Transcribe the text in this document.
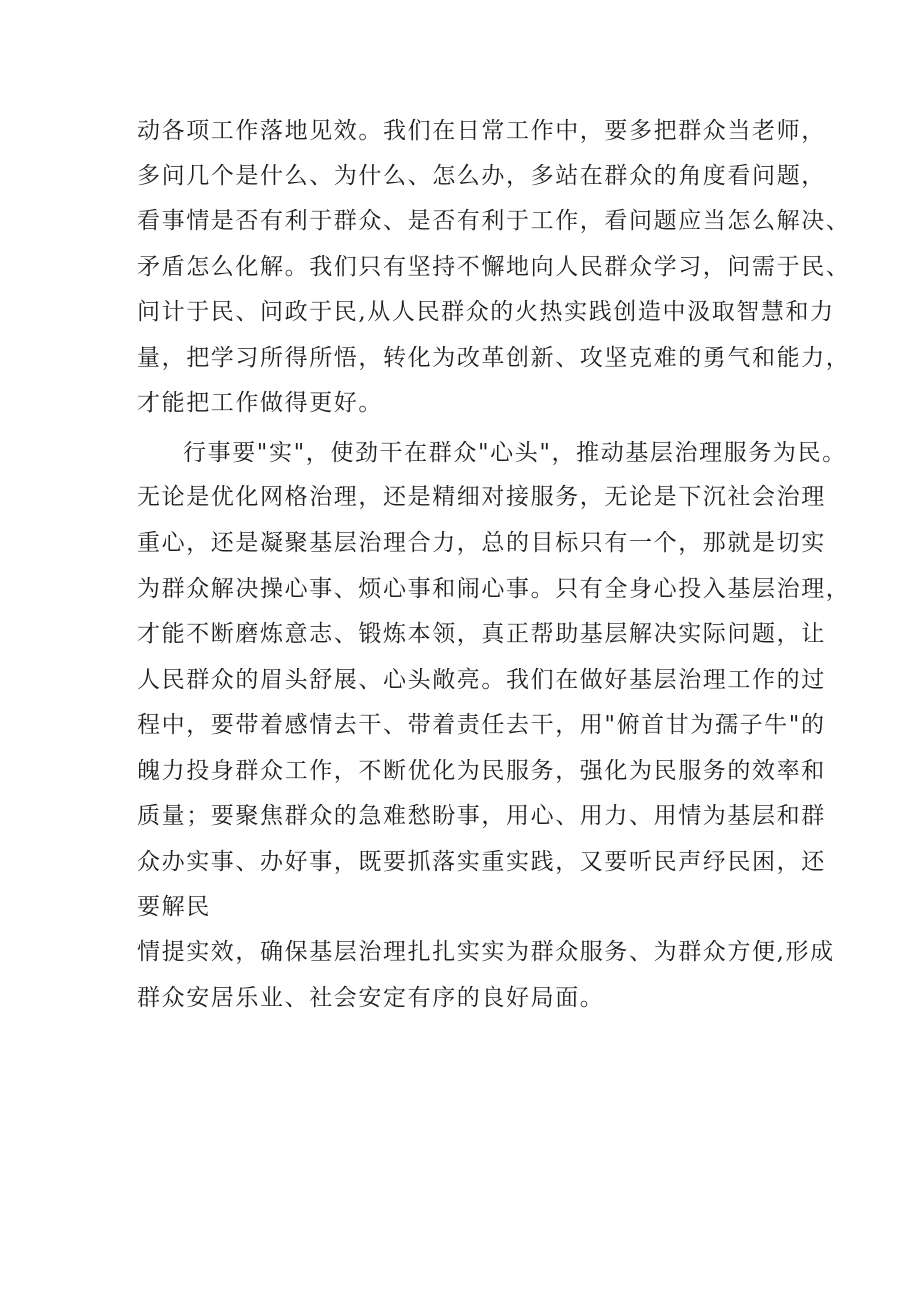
动各项工作落地见效。我们在日常工作中，要多把群众当老师，
多问几个是什么、为什么、怎么办，多站在群众的角度看问题，
看事情是否有利于群众、是否有利于工作，看问题应当怎么解决、
矛盾怎么化解。我们只有坚持不懈地向人民群众学习，问需于民、
问计于民、问政于民,从人民群众的火热实践创造中汲取智慧和力
量，把学习所得所悟，转化为改革创新、攻坚克难的勇气和能力，
才能把工作做得更好。
行事要"实"，使劲干在群众"心头"，推动基层治理服务为民。
无论是优化网格治理，还是精细对接服务，无论是下沉社会治理
重心，还是凝聚基层治理合力，总的目标只有一个，那就是切实
为群众解决操心事、烦心事和闹心事。只有全身心投入基层治理，
才能不断磨炼意志、锻炼本领，真正帮助基层解决实际问题，让
人民群众的眉头舒展、心头敞亮。我们在做好基层治理工作的过
程中，要带着感情去干、带着责任去干，用"俯首甘为孺子牛"的
魄力投身群众工作，不断优化为民服务，强化为民服务的效率和
质量；要聚焦群众的急难愁盼事，用心、用力、用情为基层和群
众办实事、办好事，既要抓落实重实践，又要听民声纾民困，还
要解民
情提实效，确保基层治理扎扎实实为群众服务、为群众方便,形成
群众安居乐业、社会安定有序的良好局面。
